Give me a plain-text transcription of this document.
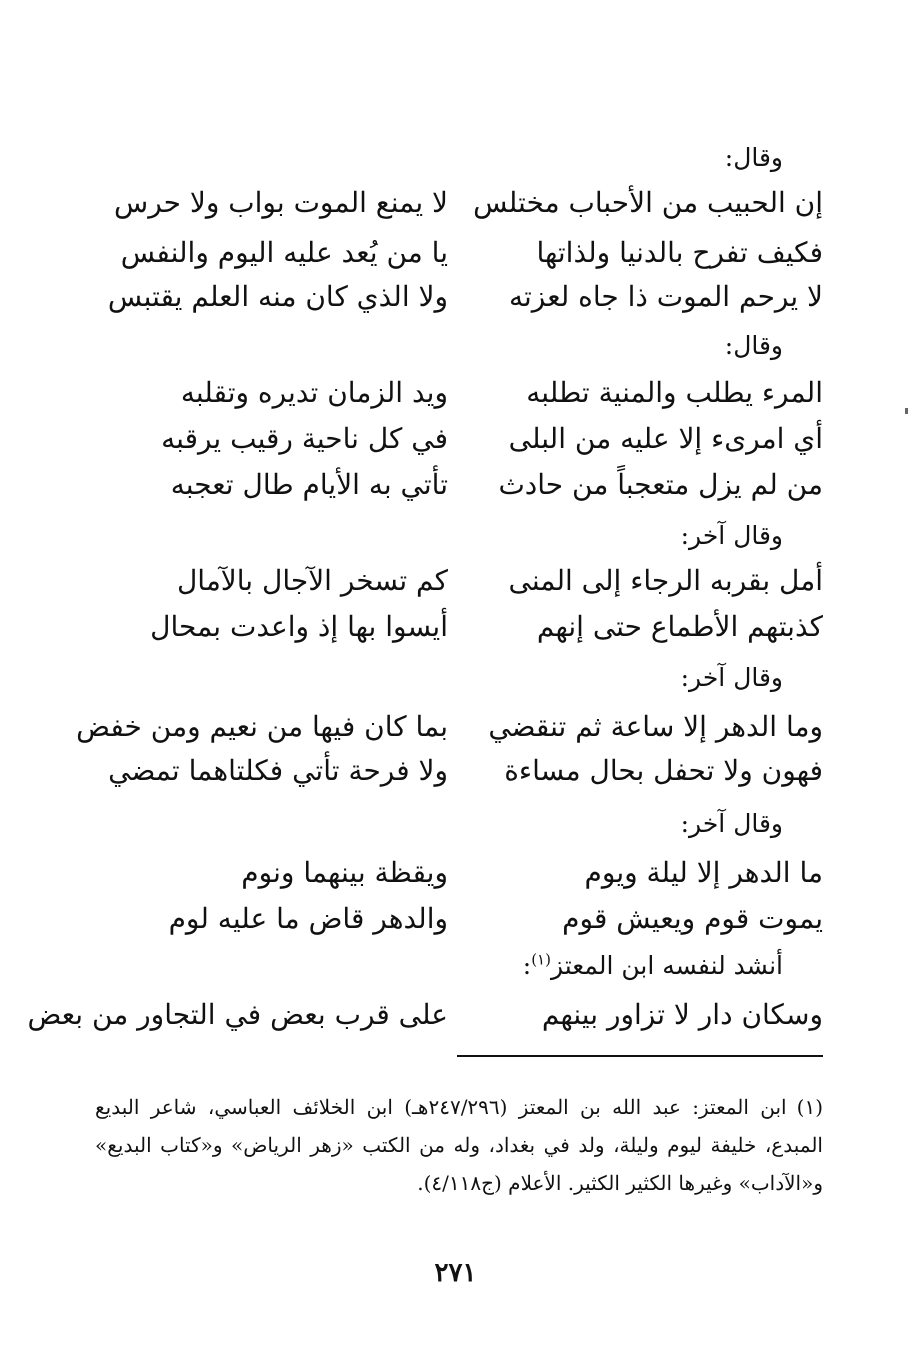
وقال:
إن الحبيب من الأحباب مختلس
لا يمنع الموت بواب ولا حرس
فكيف تفرح بالدنيا ولذاتها
يا من يُعد عليه اليوم والنفس
لا يرحم الموت ذا جاه لعزته
ولا الذي كان منه العلم يقتبس
وقال:
المرء يطلب والمنية تطلبه
ويد الزمان تديره وتقلبه
أي امرىء إلا عليه من البلى
في كل ناحية رقيب يرقبه
من لم يزل متعجباً من حادث
تأتي به الأيام طال تعجبه
وقال آخر:
أمل بقربه الرجاء إلى المنى
كم تسخر الآجال بالآمال
كذبتهم الأطماع حتى إنهم
أيسوا بها إذ واعدت بمحال
وقال آخر:
وما الدهر إلا ساعة ثم تنقضي
بما كان فيها من نعيم ومن خفض
فهون ولا تحفل بحال مساءة
ولا فرحة تأتي فكلتاهما تمضي
وقال آخر:
ما الدهر إلا ليلة ويوم
ويقظة بينهما ونوم
يموت قوم ويعيش قوم
والدهر قاض ما عليه لوم
أنشد لنفسه ابن المعتز$^{(١)}$:
وسكان دار لا تزاور بينهم
على قرب بعض في التجاور من بعض
(١)ابن المعتز: عبد الله بن المعتز (٢٤٧/٢٩٦هـ) ابن الخلائف العباسي، شاعر البديع المبدع، خليفة ليوم وليلة، ولد في بغداد، وله من الكتب «زهر الرياض» و«كتاب البديع» و«الآداب» وغيرها الكثير الكثير. الأعلام (ج٤/١١٨).
٢٧١
